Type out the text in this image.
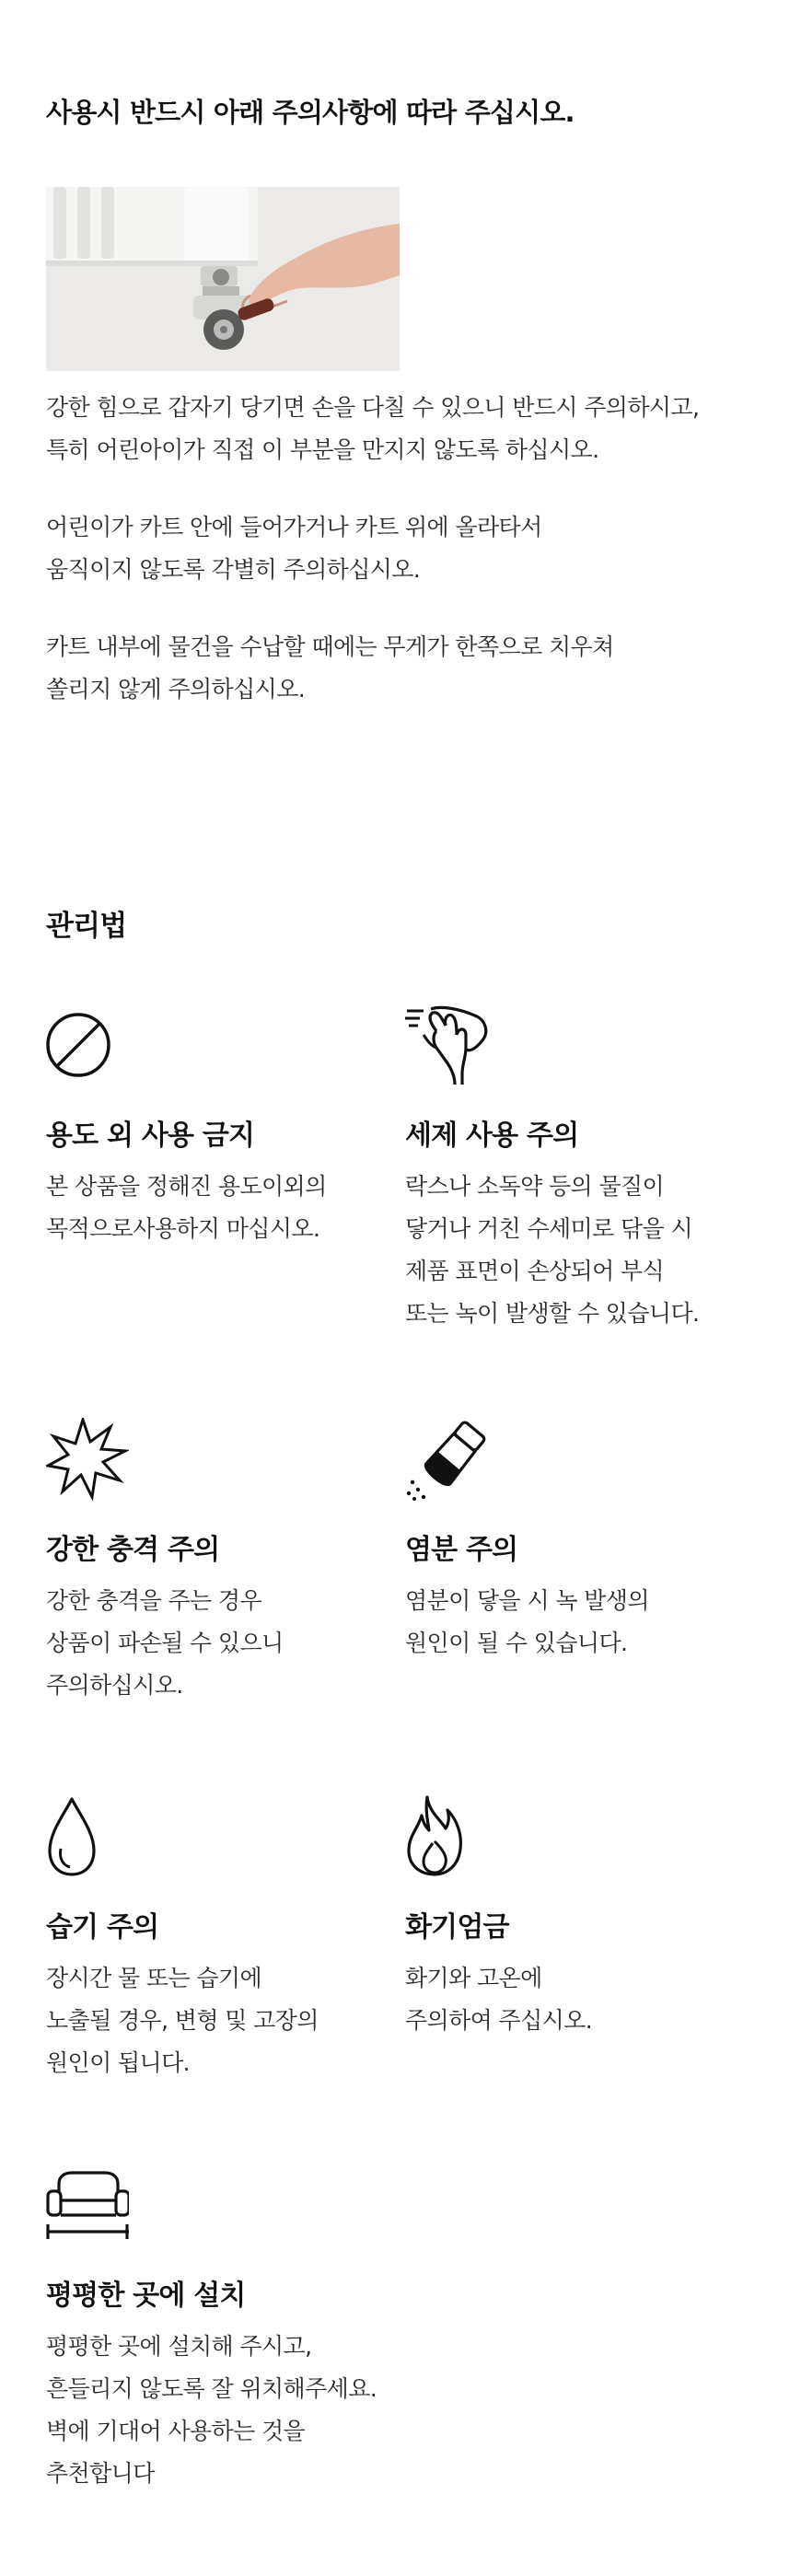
사용시 반드시 아래 주의사항에 따라 주십시오.
강한 힘으로 갑자기 당기면 손을 다칠 수 있으니 반드시 주의하시고,
특히 어린아이가 직접 이 부분을 만지지 않도록 하십시오.
어린이가 카트 안에 들어가거나 카트 위에 올라타서
움직이지 않도록 각별히 주의하십시오.
카트 내부에 물건을 수납할 때에는 무게가 한쪽으로 치우쳐
쏠리지 않게 주의하십시오.
관리법
용도 외 사용 금지
본 상품을 정해진 용도이외의
목적으로사용하지 마십시오.
세제 사용 주의
락스나 소독약 등의 물질이
닿거나 거친 수세미로 닦을 시
제품 표면이 손상되어 부식
또는 녹이 발생할 수 있습니다.
강한 충격 주의
강한 충격을 주는 경우
상품이 파손될 수 있으니
주의하십시오.
염분 주의
염분이 닿을 시 녹 발생의
원인이 될 수 있습니다.
습기 주의
장시간 물 또는 습기에
노출될 경우, 변형 및 고장의
원인이 됩니다.
화기엄금
화기와 고온에
주의하여 주십시오.
평평한 곳에 설치
평평한 곳에 설치해 주시고,
흔들리지 않도록 잘 위치해주세요.
벽에 기대어 사용하는 것을
추천합니다
